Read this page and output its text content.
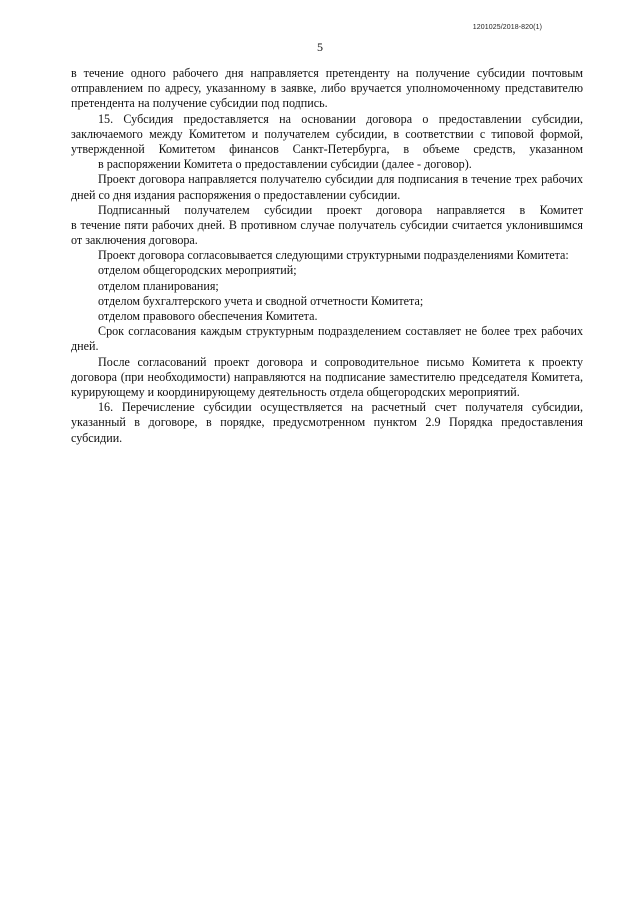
1201025/2018-820(1)
5
в течение одного рабочего дня направляется претенденту на получение субсидии почтовым
отправлением по адресу, указанному в заявке, либо вручается уполномоченному представителю
претендента на получение субсидии под подпись.
15. Субсидия предоставляется на основании договора о предоставлении субсидии,
заключаемого между Комитетом и получателем субсидии, в соответствии с типовой формой,
утвержденной Комитетом финансов Санкт-Петербурга, в объеме средств, указанном
в распоряжении Комитета о предоставлении субсидии (далее - договор).
Проект договора направляется получателю субсидии для подписания в течение трех рабочих
дней со дня издания распоряжения о предоставлении субсидии.
Подписанный получателем субсидии проект договора направляется в Комитет
в течение пяти рабочих дней. В противном случае получатель субсидии считается уклонившимся
от заключения договора.
Проект договора согласовывается следующими структурными подразделениями Комитета:
отделом общегородских мероприятий;
отделом планирования;
отделом бухгалтерского учета и сводной отчетности Комитета;
отделом правового обеспечения Комитета.
Срок согласования каждым структурным подразделением составляет не более трех рабочих
дней.
После согласований проект договора и сопроводительное письмо Комитета к проекту
договора (при необходимости) направляются на подписание заместителю председателя Комитета,
курирующему и координирующему деятельность отдела общегородских мероприятий.
16. Перечисление субсидии осуществляется на расчетный счет получателя субсидии,
указанный в договоре, в порядке, предусмотренном пунктом 2.9 Порядка предоставления
субсидии.
